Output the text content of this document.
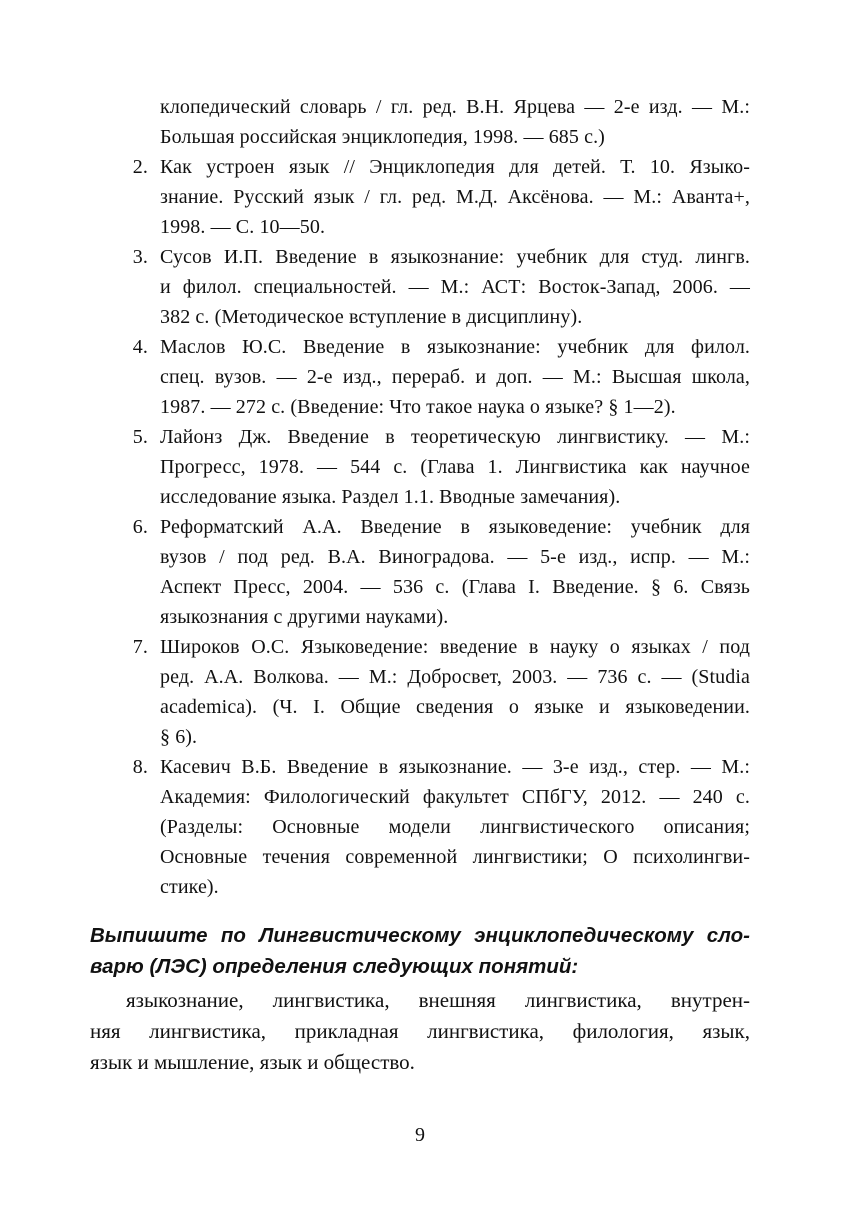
клопедический словарь / гл. ред. В.Н. Ярцева — 2-е изд. — М.:
Большая российская энциклопедия, 1998. — 685 с.)
2. Как устроен язык // Энциклопедия для детей. Т. 10. Языко-
знание. Русский язык / гл. ред. М.Д. Аксёнова. — М.: Аванта+,
1998. — С. 10—50.
3. Сусов И.П. Введение в языкознание: учебник для студ. лингв.
и филол. специальностей. — М.: АСТ: Восток-Запад, 2006. —
382 с. (Методическое вступление в дисциплину).
4. Маслов Ю.С. Введение в языкознание: учебник для филол.
спец. вузов. — 2-е изд., перераб. и доп. — М.: Высшая школа,
1987. — 272 с. (Введение: Что такое наука о языке? § 1—2).
5. Лайонз Дж. Введение в теоретическую лингвистику. — М.:
Прогресс, 1978. — 544 с. (Глава 1. Лингвистика как научное
исследование языка. Раздел 1.1. Вводные замечания).
6. Реформатский А.А. Введение в языковедение: учебник для
вузов / под ред. В.А. Виноградова. — 5-е изд., испр. — М.:
Аспект Пресс, 2004. — 536 с. (Глава I. Введение. § 6. Связь
языкознания с другими науками).
7. Широков О.С. Языковедение: введение в науку о языках / под
ред. А.А. Волкова. — М.: Добросвет, 2003. — 736 с. — (Studia
academica). (Ч. I. Общие сведения о языке и языковедении.
§ 6).
8. Касевич В.Б. Введение в языкознание. — 3-е изд., стер. — М.:
Академия: Филологический факультет СПбГУ, 2012. — 240 с.
(Разделы: Основные модели лингвистического описания;
Основные течения современной лингвистики; О психолингви-
стике).
Выпишите по Лингвистическому энциклопедическому сло-
варю (ЛЭС) определения следующих понятий:
языкознание, лингвистика, внешняя лингвистика, внутрен-
няя лингвистика, прикладная лингвистика, филология, язык,
язык и мышление, язык и общество.
9
